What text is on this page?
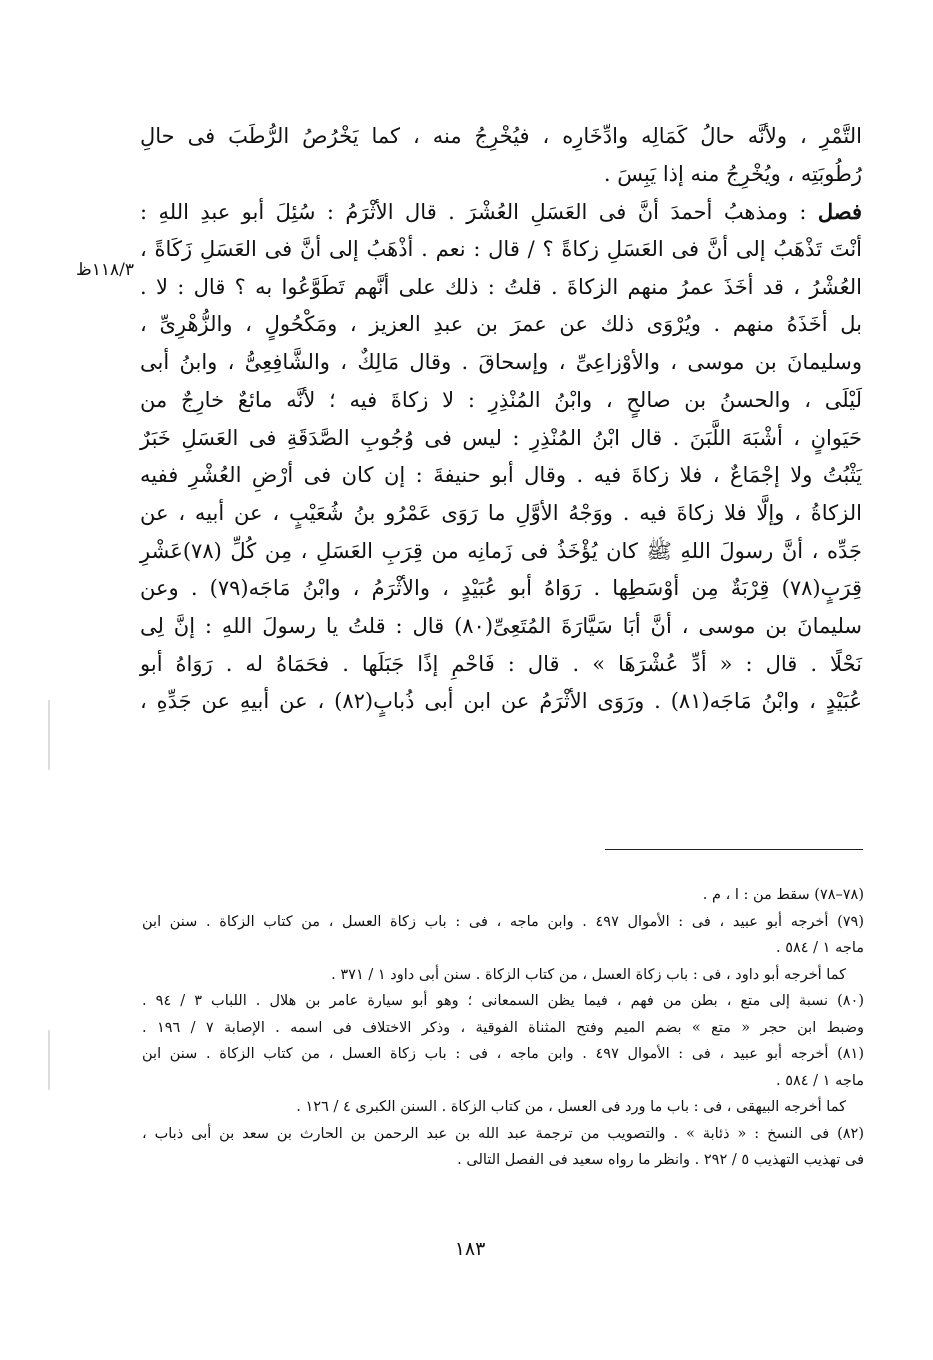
١١٨/٣ظ
التَّمْرِ ، ولأنَّه حالُ كَمَالِه وادِّخَارِه ، فيُخْرِجُ منه ، كما يَخْرُصُ الرُّطَبَ فى حالِ
رُطُوبَتِه ، ويُخْرِجُ منه إذا يَبِسَ .
فصل : ومذهبُ أحمدَ أنَّ فى العَسَلِ العُشْرَ . قال الأثْرَمُ : سُئِلَ أبو عبدِ اللهِ :
أنْتَ تَذْهَبُ إلى أنَّ فى العَسَلِ زكاةً ؟ / قال : نعم . أذْهَبُ إلى أنَّ فى العَسَلِ زَكَاةً ،
العُشْرُ ، قد أخَذَ عمرُ منهم الزكاةَ . قلتُ : ذلك على أنَّهم تَطَوَّعُوا به ؟ قال : لا .
بل أخَذَهُ منهم . ويُرْوَى ذلك عن عمرَ بن عبدِ العزيز ، ومَكْحُولٍ ، والزُّهْرِىِّ ،
وسليمانَ بن موسى ، والأوْزاعِىِّ ، وإسحاقَ . وقال مَالِكٌ ، والشَّافِعِىُّ ، وابنُ أبى
لَيْلَى ، والحسنُ بن صالحٍ ، وابْنُ المُنْذِرِ : لا زكاةَ فيه ؛ لأنَّه مائعٌ خارِجٌ من
حَيَوانٍ ، أشْبَهَ اللَّبَنَ . قال ابْنُ المُنْذِرِ : ليس فى وُجُوبِ الصَّدَقَةِ فى العَسَلِ خَبَرٌ
يَثْبُتُ ولا إجْمَاعٌ ، فلا زكاةَ فيه . وقال أبو حنيفةَ : إن كان فى أرْضِ العُشْرِ ففيه
الزكاةُ ، وإلَّا فلا زكاةَ فيه . ووَجْهُ الأوَّلِ ما رَوَى عَمْرُو بنُ شُعَيْبٍ ، عن أبيه ، عن
جَدِّه ، أنَّ رسولَ اللهِ ﷺ كان يُؤْخَذُ فى زَمانِه من قِرَبِ العَسَلِ ، مِن كُلِّ (٧٨)عَشْرِ
قِرَبٍ(٧٨) قِرْبَةٌ مِن أوْسَطِها . رَوَاهُ أبو عُبَيْدٍ ، والأثْرَمُ ، وابْنُ مَاجَه(٧٩) . وعن
سليمانَ بن موسى ، أنَّ أبَا سَيَّارَةَ المُتَعِىِّ(٨٠) قال : قلتُ يا رسولَ اللهِ : إنَّ لِى
نَحْلًا . قال : « أدِّ عُشْرَهَا » . قال : فَاحْمِ إذًا جَبَلَها . فحَمَاهُ له . رَوَاهُ أبو
عُبَيْدٍ ، وابْنُ مَاجَه(٨١) . ورَوَى الأثْرَمُ عن ابن أبى ذُبابٍ(٨٢) ، عن أبيهِ عن جَدِّهِ ،
(٧٨–٧٨) سقط من : ا ، م .
(٧٩) أخرجه أبو عبيد ، فى : الأموال ٤٩٧ . وابن ماجه ، فى : باب زكاة العسل ، من كتاب الزكاة . سنن ابن
ماجه ١ / ٥٨٤ .
كما أخرجه أبو داود ، فى : باب زكاة العسل ، من كتاب الزكاة . سنن أبى داود ١ / ٣٧١ .
(٨٠) نسبة إلى متع ، بطن من فهم ، فيما يظن السمعانى ؛ وهو أبو سيارة عامر بن هلال . اللباب ٣ / ٩٤ .
وضبط ابن حجر « متع » بضم الميم وفتح المثناة الفوقية ، وذكر الاختلاف فى اسمه . الإصابة ٧ / ١٩٦ .
(٨١) أخرجه أبو عبيد ، فى : الأموال ٤٩٧ . وابن ماجه ، فى : باب زكاة العسل ، من كتاب الزكاة . سنن ابن
ماجه ١ / ٥٨٤ .
كما أخرجه البيهقى ، فى : باب ما ورد فى العسل ، من كتاب الزكاة . السنن الكبرى ٤ / ١٢٦ .
(٨٢) فى النسخ : « ذئابة » . والتصويب من ترجمة عبد الله بن عبد الرحمن بن الحارث بن سعد بن أبى ذباب ،
فى تهذيب التهذيب ٥ / ٢٩٢ . وانظر ما رواه سعيد فى الفصل التالى .
١٨٣
